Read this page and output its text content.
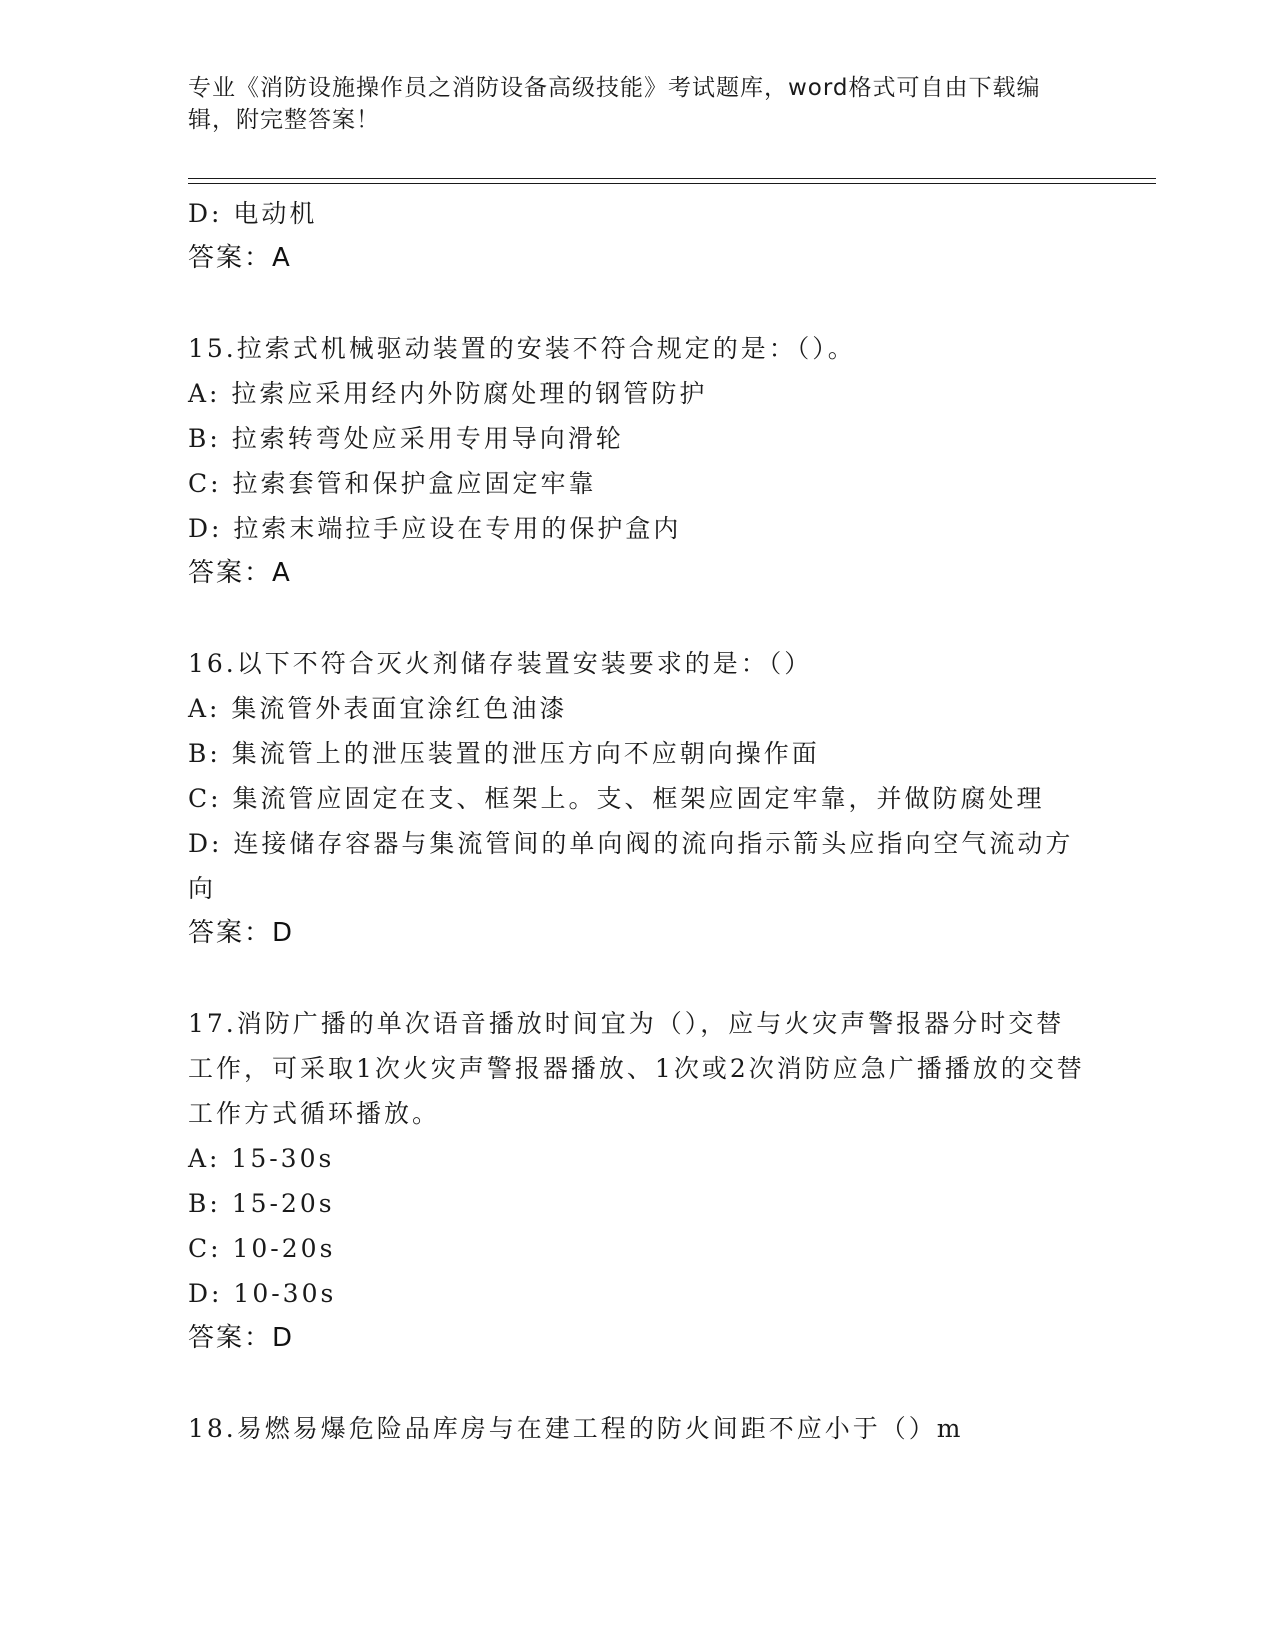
专业《消防设施操作员之消防设备高级技能》考试题库，word格式可自由下载编
辑，附完整答案！
D: 电动机
答案：A
15.拉索式机械驱动装置的安装不符合规定的是：（）。
A: 拉索应采用经内外防腐处理的钢管防护
B: 拉索转弯处应采用专用导向滑轮
C: 拉索套管和保护盒应固定牢靠
D: 拉索末端拉手应设在专用的保护盒内
答案：A
16.以下不符合灭火剂储存装置安装要求的是：（）
A: 集流管外表面宜涂红色油漆
B: 集流管上的泄压装置的泄压方向不应朝向操作面
C: 集流管应固定在支、框架上。支、框架应固定牢靠，并做防腐处理
D: 连接储存容器与集流管间的单向阀的流向指示箭头应指向空气流动方向
答案：D
17.消防广播的单次语音播放时间宜为（），应与火灾声警报器分时交替工作，可采取1次火灾声警报器播放、1次或2次消防应急广播播放的交替工作方式循环播放。
A: 15-30s
B: 15-20s
C: 10-20s
D: 10-30s
答案：D
18.易燃易爆危险品库房与在建工程的防火间距不应小于（）m
